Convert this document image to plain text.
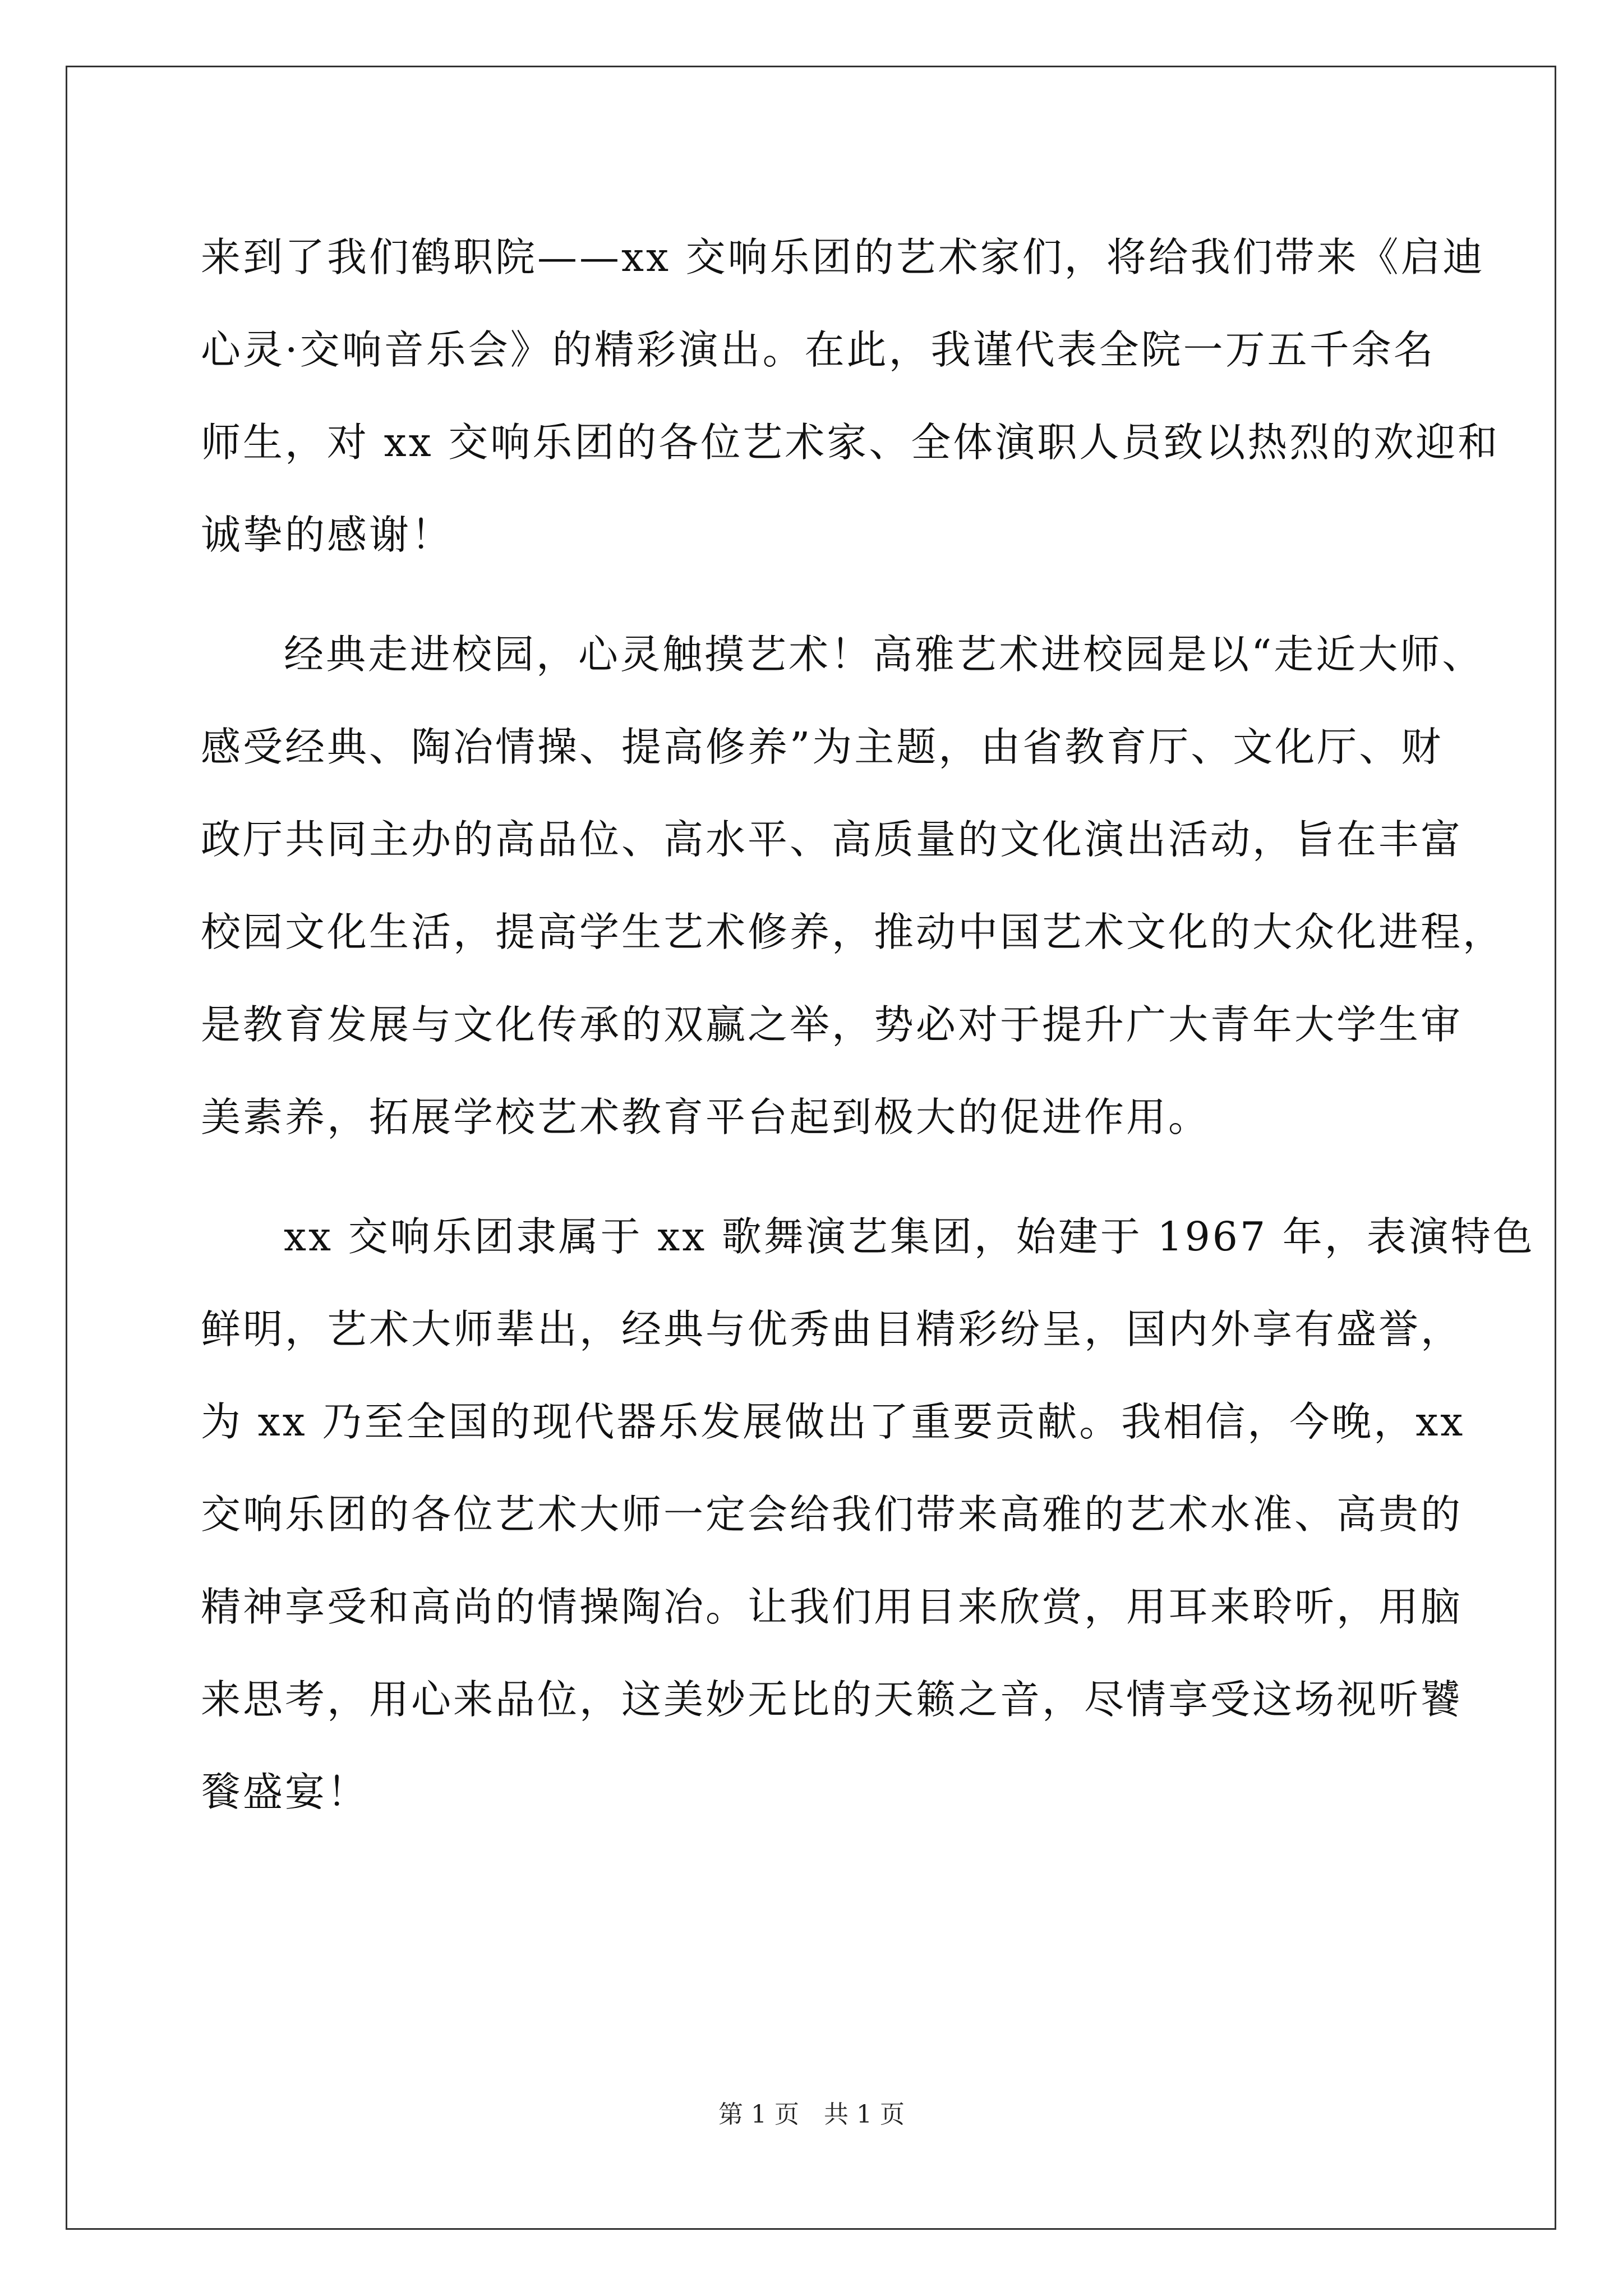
来到了我们鹤职院——xx 交响乐团的艺术家们，将给我们带来《启迪
心灵·交响音乐会》的精彩演出。在此，我谨代表全院一万五千余名
师生，对 xx 交响乐团的各位艺术家、全体演职人员致以热烈的欢迎和
诚挚的感谢！
经典走进校园，心灵触摸艺术！高雅艺术进校园是以“走近大师、
感受经典、陶冶情操、提高修养”为主题，由省教育厅、文化厅、财
政厅共同主办的高品位、高水平、高质量的文化演出活动，旨在丰富
校园文化生活，提高学生艺术修养，推动中国艺术文化的大众化进程，
是教育发展与文化传承的双赢之举，势必对于提升广大青年大学生审
美素养，拓展学校艺术教育平台起到极大的促进作用。
xx 交响乐团隶属于 xx 歌舞演艺集团，始建于 1967 年，表演特色
鲜明，艺术大师辈出，经典与优秀曲目精彩纷呈，国内外享有盛誉，
为 xx 乃至全国的现代器乐发展做出了重要贡献。我相信，今晚，xx
交响乐团的各位艺术大师一定会给我们带来高雅的艺术水准、高贵的
精神享受和高尚的情操陶冶。让我们用目来欣赏，用耳来聆听，用脑
来思考，用心来品位，这美妙无比的天籁之音，尽情享受这场视听饕
餮盛宴！
第 1 页　共 1 页
